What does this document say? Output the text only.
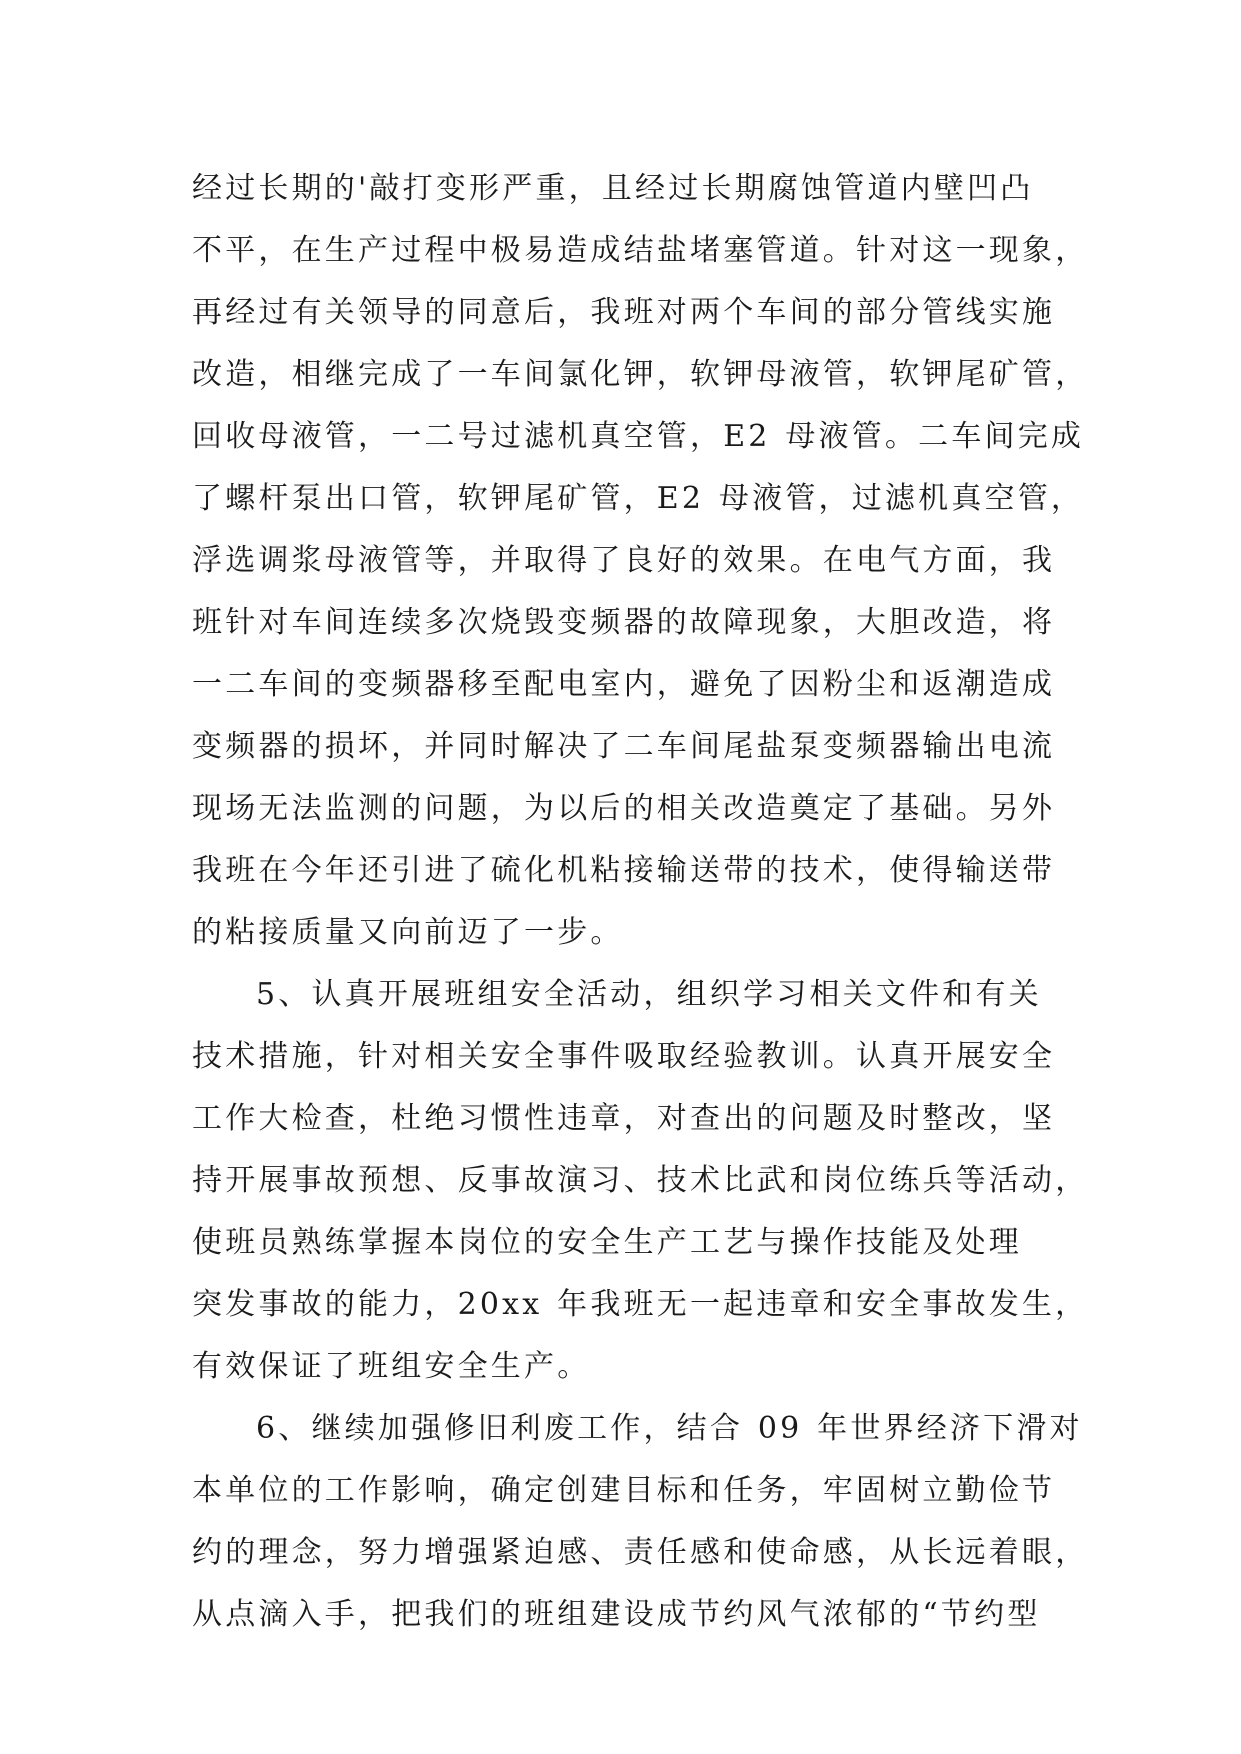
经过长期的'敲打变形严重，且经过长期腐蚀管道内壁凹凸
不平，在生产过程中极易造成结盐堵塞管道。针对这一现象，
再经过有关领导的同意后，我班对两个车间的部分管线实施
改造，相继完成了一车间氯化钾，软钾母液管，软钾尾矿管，
回收母液管，一二号过滤机真空管，E2 母液管。二车间完成
了螺杆泵出口管，软钾尾矿管，E2 母液管，过滤机真空管，
浮选调浆母液管等，并取得了良好的效果。在电气方面，我
班针对车间连续多次烧毁变频器的故障现象，大胆改造，将
一二车间的变频器移至配电室内，避免了因粉尘和返潮造成
变频器的损坏，并同时解决了二车间尾盐泵变频器输出电流
现场无法监测的问题，为以后的相关改造奠定了基础。另外
我班在今年还引进了硫化机粘接输送带的技术，使得输送带
的粘接质量又向前迈了一步。
5、认真开展班组安全活动，组织学习相关文件和有关
技术措施，针对相关安全事件吸取经验教训。认真开展安全
工作大检查，杜绝习惯性违章，对查出的问题及时整改，坚
持开展事故预想、反事故演习、技术比武和岗位练兵等活动，
使班员熟练掌握本岗位的安全生产工艺与操作技能及处理
突发事故的能力，20xx 年我班无一起违章和安全事故发生，
有效保证了班组安全生产。
6、继续加强修旧利废工作，结合 09 年世界经济下滑对
本单位的工作影响，确定创建目标和任务，牢固树立勤俭节
约的理念，努力增强紧迫感、责任感和使命感，从长远着眼，
从点滴入手，把我们的班组建设成节约风气浓郁的“节约型
